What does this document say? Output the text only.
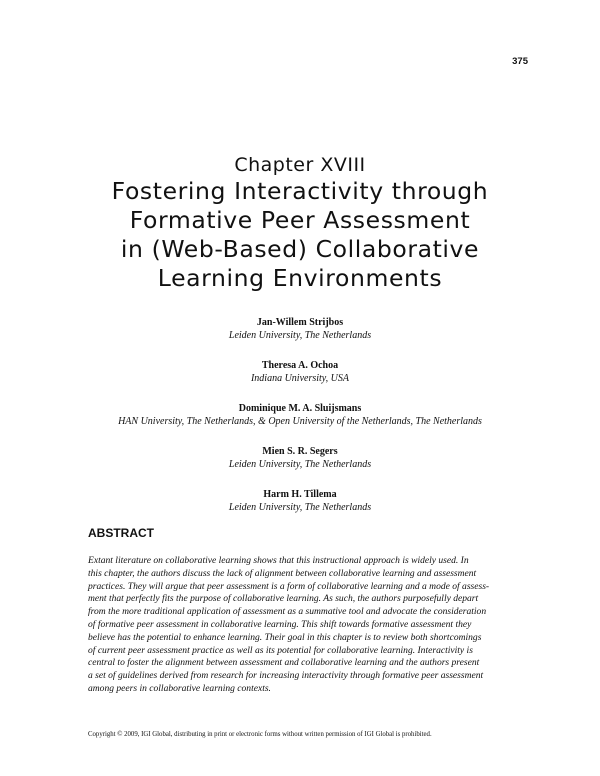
375
Chapter XVIII
Fostering Interactivity through
Formative Peer Assessment
in (Web-Based) Collaborative
Learning Environments
Jan-Willem Strijbos
Leiden University, The Netherlands
Theresa A. Ochoa
Indiana University, USA
Dominique M. A. Sluijsmans
HAN University, The Netherlands, & Open University of the Netherlands, The Netherlands
Mien S. R. Segers
Leiden University, The Netherlands
Harm H. Tillema
Leiden University, The Netherlands
ABSTRACT
Extant literature on collaborative learning shows that this instructional approach is widely used. In
this chapter, the authors discuss the lack of alignment between collaborative learning and assessment
practices. They will argue that peer assessment is a form of collaborative learning and a mode of assess-
ment that perfectly fits the purpose of collaborative learning. As such, the authors purposefully depart
from the more traditional application of assessment as a summative tool and advocate the consideration
of formative peer assessment in collaborative learning. This shift towards formative assessment they
believe has the potential to enhance learning. Their goal in this chapter is to review both shortcomings
of current peer assessment practice as well as its potential for collaborative learning. Interactivity is
central to foster the alignment between assessment and collaborative learning and the authors present
a set of guidelines derived from research for increasing interactivity through formative peer assessment
among peers in collaborative learning contexts.
Copyright © 2009, IGI Global, distributing in print or electronic forms without written permission of IGI Global is prohibited.
